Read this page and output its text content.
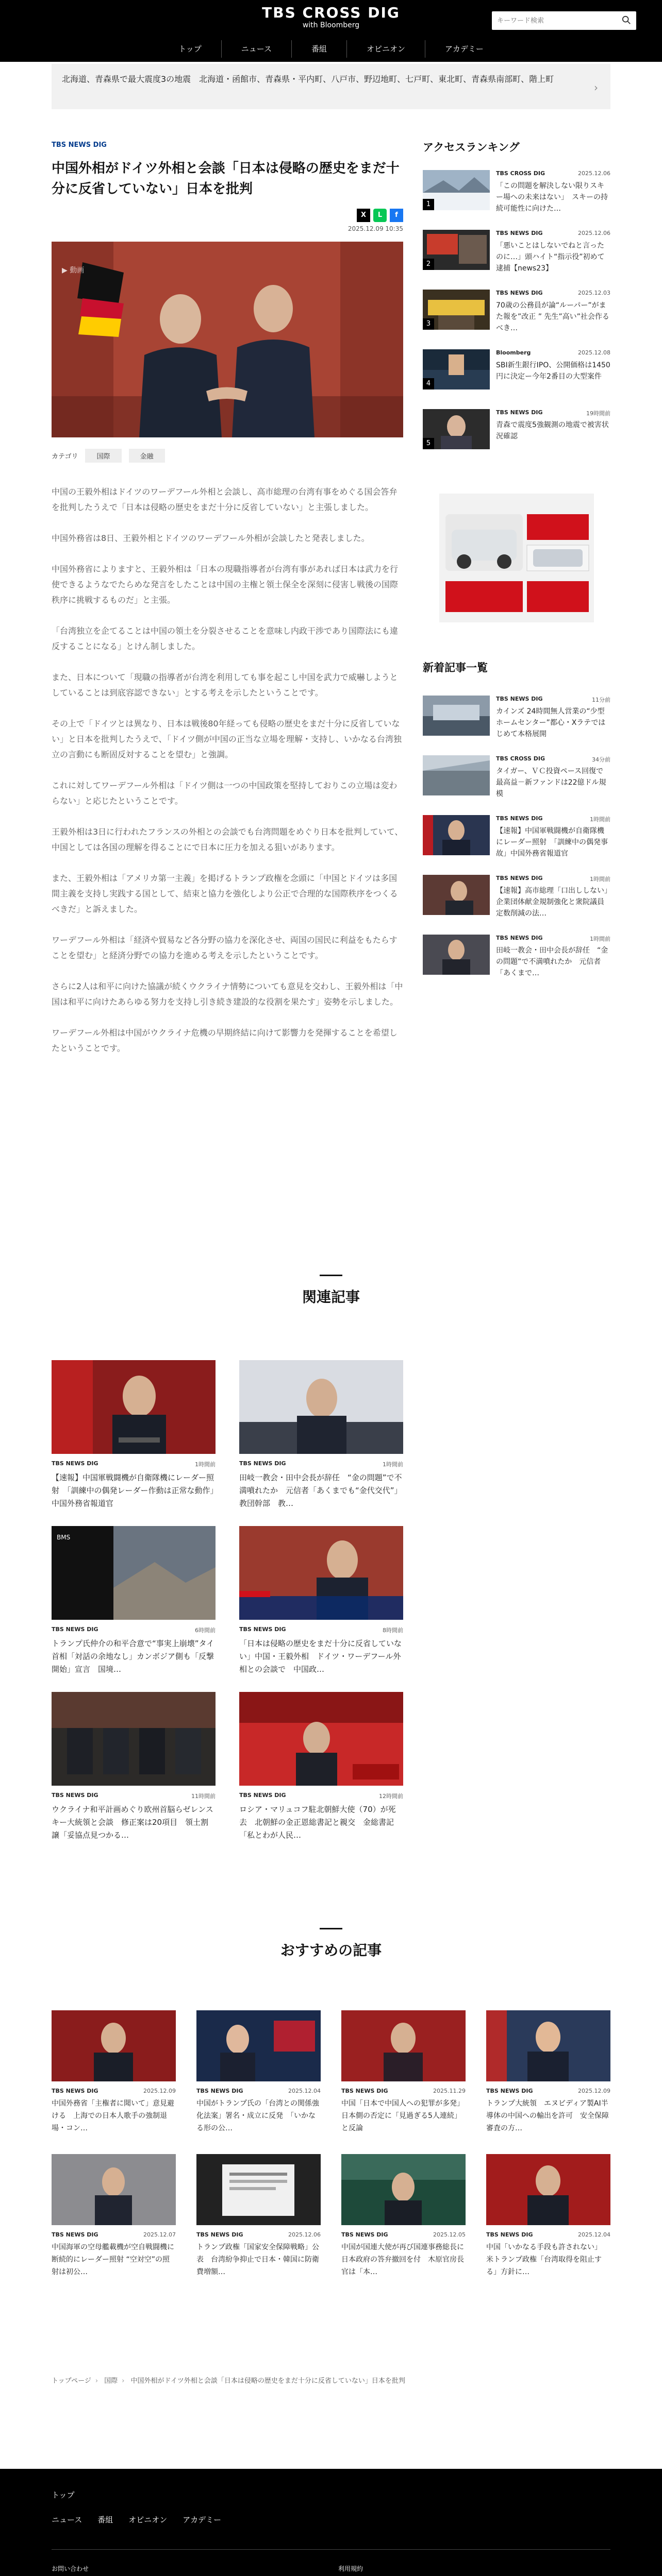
TBS CROSS DIG
with Bloomberg
キーワード検索
トップ	ニュース	番組	オピニオン	アカデミー

北海道、青森県で最大震度3の地震　北海道・函館市、青森県・平内町、八戸市、野辺地町、七戸町、東北町、青森県南部町、階上町

›
TBS NEWS DIG
中国外相がドイツ外相と会談「日本は侵略の歴史をまだ十分に反省していない」日本を批判
X	L	f
2025.12.09 10:35
▶ 動画
カテゴリ	国際	金融

中国の王毅外相はドイツのワーデフール外相と会談し、高市総理の台湾有事をめぐる国会答弁を批判したうえで「日本は侵略の歴史をまだ十分に反省していない」と主張しました。

中国外務省は8日、王毅外相とドイツのワーデフール外相が会談したと発表しました。

中国外務省によりますと、王毅外相は「日本の現職指導者が台湾有事があれば日本は武力を行使できるようなでたらめな発言をしたことは中国の主権と領土保全を深刻に侵害し戦後の国際秩序に挑戦するものだ」と主張。

「台湾独立を企てることは中国の領土を分裂させることを意味し内政干渉であり国際法にも違反することになる」とけん制しました。

また、日本について「現職の指導者が台湾を利用しても事を起こし中国を武力で威嚇しようとしていることは到底容認できない」とする考えを示したということです。

その上で「ドイツとは異なり、日本は戦後80年経っても侵略の歴史をまだ十分に反省していない」と日本を批判したうえで、「ドイツ側が中国の正当な立場を理解・支持し、いかなる台湾独立の言動にも断固反対することを望む」と強調。

これに対してワーデフール外相は「ドイツ側は一つの中国政策を堅持しておりこの立場は変わらない」と応じたということです。

王毅外相は3日に行われたフランスの外相との会談でも台湾問題をめぐり日本を批判していて、中国としては各国の理解を得ることにで日本に圧力を加える狙いがあります。

また、王毅外相は「アメリカ第一主義」を掲げるトランプ政権を念頭に「中国とドイツは多国間主義を支持し実践する国として、結束と協力を強化しより公正で合理的な国際秩序をつくるべきだ」と訴えました。

ワーデフール外相は「経済や貿易など各分野の協力を深化させ、両国の国民に利益をもたらすことを望む」と経済分野での協力を進める考えを示したということです。

さらに2人は和平に向けた協議が続くウクライナ情勢についても意見を交わし、王毅外相は「中国は和平に向けたあらゆる努力を支持し引き続き建設的な役割を果たす」姿勢を示しました。

ワーデフール外相は中国がウクライナ危機の早期終結に向けて影響力を発揮することを希望したということです。

アクセスランキング
1
TBS CROSS DIG	2025.12.06
「この問題を解決しない限りスキー場への未来はない」　スキーの持続可能性に向けた…
2
TBS NEWS DIG	2025.12.06
「悪いことはしないでねと言ったのに…」頭ハイト“指示役”初めて逮捕【news23】
3
TBS NEWS DIG	2025.12.03
70歳の公務員が論“ルーパー”がまた報を”改正 ” 先生”高い”社会作るべき…
4
Bloomberg	2025.12.08
SBI新生銀行IPO、公開価格は1450円に決定ー今年2番目の大型案件
5
TBS NEWS DIG	19時間前
青森で震度5強観測の地震で被害状況確認
新着記事一覧
TBS NEWS DIG	11分前
カインズ 24時間無人営業の“少型ホームセンター”都心・Xラテではじめて本格展開
TBS CROSS DIG	34分前
タイガー、ＶＣ投資ペース回復で最高益－新ファンドは22億ドル規模
TBS NEWS DIG	1時間前
【速報】中国軍戦闘機が自衛隊機にレーダー照射　「訓練中の偶発事故」中国外務省報道官
TBS NEWS DIG	1時間前
【速報】高市総理「口出ししない」　企業団体献金規制強化と衆院議員定数削減の法…
TBS NEWS DIG	1時間前
田岐一教会・田中会長が辞任　“金の問題”で不満噴れたか　元信者「あくまで…
関連記事
TBS NEWS DIG	1時間前
【速報】中国軍戦闘機が自衛隊機にレーダー照射　「訓練中の偶発レーダー作動は正常な動作」中国外務省報道官
TBS NEWS DIG	1時間前
田岐一教会・田中会長が辞任　“金の問題”で不満噴れたか　元信者「あくまでも“金代交代”」教団幹部　教…
BMS
TBS NEWS DIG	6時間前
トランプ氏仲介の和平合意で“事実上崩壊”タイ首相「対話の余地なし」カンボジア側も「反撃開始」宣言　国境…
TBS NEWS DIG	8時間前
「日本は侵略の歴史をまだ十分に反省していない」中国・王毅外相　ドイツ・ワーデフール外相との会談で　中国政…
TBS NEWS DIG	11時間前
ウクライナ和平計画めぐり欧州首脳らゼレンスキー大統領と会談　修正案は20項目　領土割譲「妥協点見つかる…
TBS NEWS DIG	12時間前
ロシア・マリュコフ駐北朝鮮大使（70）が死去　北朝鮮の金正恩総書記と親交　金総書記「私とわが人民…
おすすめの記事
TBS NEWS DIG	2025.12.09
中国外務省「主権者に聞いて」意見避ける　上海での日本人歌手の強制退場・コン…
TBS NEWS DIG	2025.12.04
中国がトランプ氏の「台湾との関係強化法案」署名・成立に反発　「いかなる形の公…
TBS NEWS DIG	2025.11.29
中国「日本で中国人への犯罪が多発」日本側の否定に「見過ぎる5人連続」と反論
TBS NEWS DIG	2025.12.09
トランプ大統領　エヌビディア製AI半導体の中国への輸出を許可　安全保障審査の方…
TBS NEWS DIG	2025.12.07
中国海軍の空母艦載機が空自戦闘機に断続的にレーダー照射 “空対空”の照射は初公…
TBS NEWS DIG	2025.12.06
トランプ政権「国家安全保障戦略」公表　台湾紛争抑止で日本・韓国に防衛費増額…
TBS NEWS DIG	2025.12.05
中国が国連大使が再び国連事務総長に日本政府の答弁撤回を付　木原官房長官は「本…
TBS NEWS DIG	2025.12.04
中国「いかなる手段も許されない」　米トランプ政権「台湾取得を阻止する」方針に…
トップページ › 国際 › 中国外相がドイツ外相と会談「日本は侵略の歴史をまだ十分に反省していない」日本を批判
トップ
ニュース 番組 オピニオン アカデミー
お問い合わせ	利用規約
